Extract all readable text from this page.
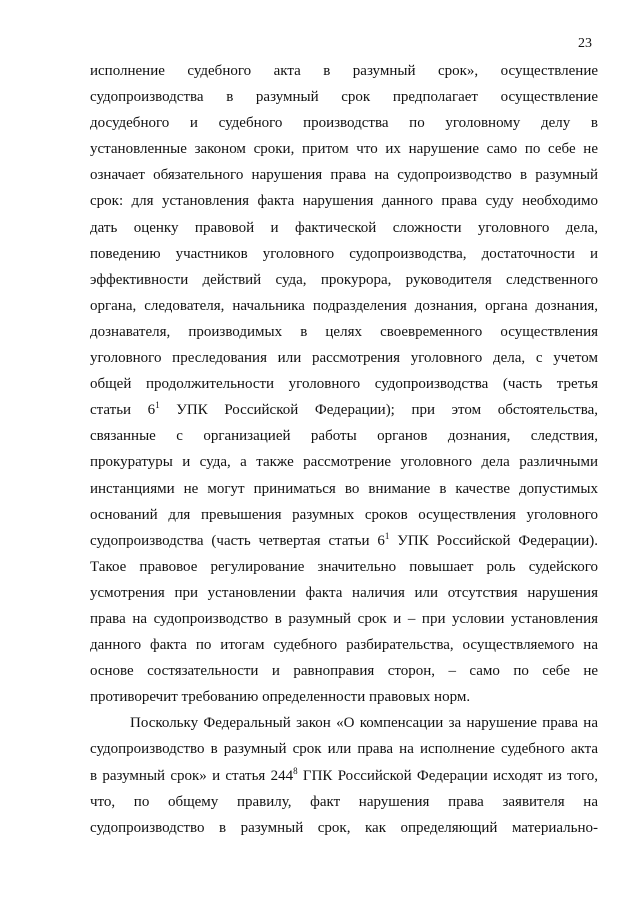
23
исполнение судебного акта в разумный срок», осуществление
судопроизводства в разумный срок предполагает осуществление
досудебного и судебного производства по уголовному делу в
установленные законом сроки, притом что их нарушение само по себе не
означает обязательного нарушения права на судопроизводство в разумный
срок: для установления факта нарушения данного права суду необходимо
дать оценку правовой и фактической сложности уголовного дела,
поведению участников уголовного судопроизводства, достаточности и
эффективности действий суда, прокурора, руководителя следственного
органа, следователя, начальника подразделения дознания, органа дознания,
дознавателя, производимых в целях своевременного осуществления
уголовного преследования или рассмотрения уголовного дела, с учетом
общей продолжительности уголовного судопроизводства (часть третья
статьи $6^1$ УПК Российской Федерации); при этом обстоятельства,
связанные с организацией работы органов дознания, следствия,
прокуратуры и суда, а также рассмотрение уголовного дела различными
инстанциями не могут приниматься во внимание в качестве допустимых
оснований для превышения разумных сроков осуществления уголовного
судопроизводства (часть четвертая статьи $6^1$ УПК Российской Федерации).
Такое правовое регулирование значительно повышает роль судейского
усмотрения при установлении факта наличия или отсутствия нарушения
права на судопроизводство в разумный срок и – при условии установления
данного факта по итогам судебного разбирательства, осуществляемого на
основе состязательности и равноправия сторон, – само по себе не
противоречит требованию определенности правовых норм.
Поскольку Федеральный закон «О компенсации за нарушение права на
судопроизводство в разумный срок или права на исполнение судебного акта
в разумный срок» и статья $244^8$ ГПК Российской Федерации исходят из того,
что, по общему правилу, факт нарушения права заявителя на
судопроизводство в разумный срок, как определяющий материально-
